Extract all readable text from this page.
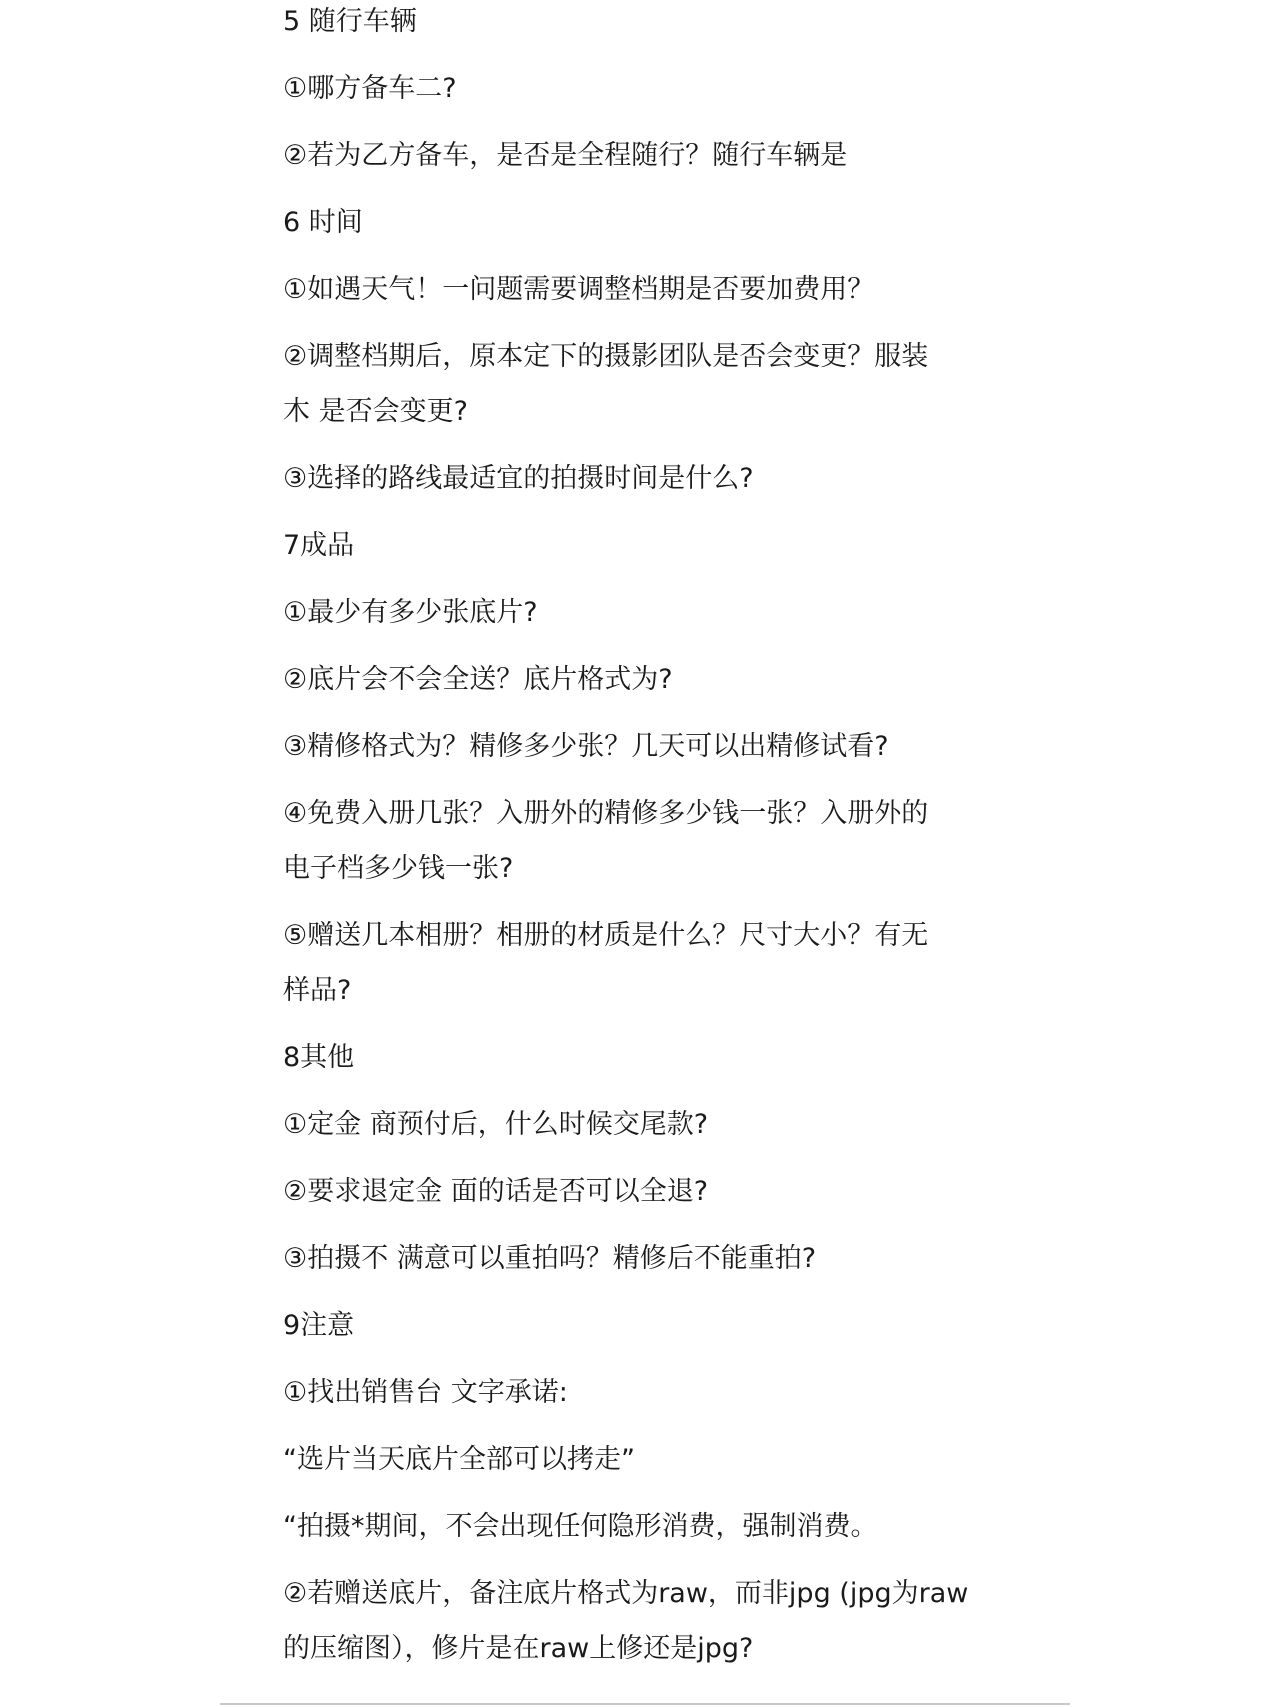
5 随行车辆

①哪方备车二?

②若为乙方备车，是否是全程随行？随行车辆是

6 时间

①如遇天气！一问题需要调整档期是否要加费用？

②调整档期后，原本定下的摄影团队是否会变更？服装

木 是否会变更?

③选择的路线最适宜的拍摄时间是什么?

7成品

①最少有多少张底片?

②底片会不会全送？底片格式为?

③精修格式为？精修多少张？几天可以出精修试看?

④免费入册几张？入册外的精修多少钱一张？入册外的

电子档多少钱一张?

⑤赠送几本相册？相册的材质是什么？尺寸大小？有无

样品?

8其他

①定金 商预付后，什么时候交尾款?

②要求退定金 面的话是否可以全退?

③拍摄不 满意可以重拍吗？精修后不能重拍?

9注意

①找出销售台 文字承诺:

“选片当天底片全部可以拷走”

“拍摄*期间，不会出现任何隐形消费，强制消费。

②若赠送底片，备注底片格式为raw，而非jpg (jpg为raw

的压缩图），修片是在raw上修还是jpg?
